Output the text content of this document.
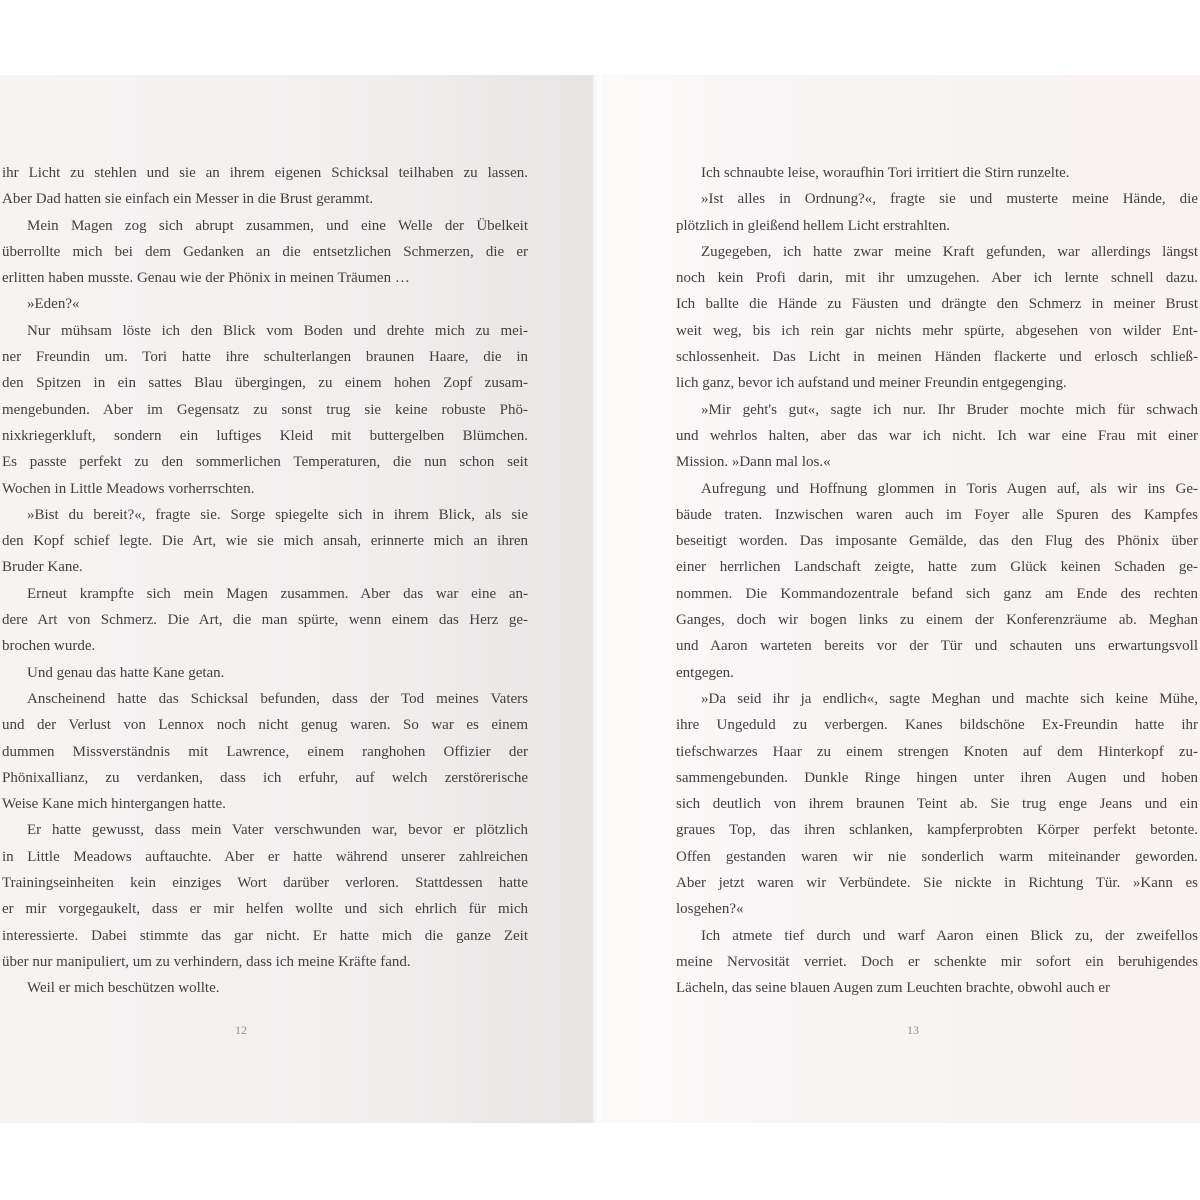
ihr Licht zu stehlen und sie an ihrem eigenen Schicksal teilhaben zu lassen.
Aber Dad hatten sie einfach ein Messer in die Brust gerammt.
Mein Magen zog sich abrupt zusammen, und eine Welle der Übelkeit
überrollte mich bei dem Gedanken an die entsetzlichen Schmerzen, die er
erlitten haben musste. Genau wie der Phönix in meinen Träumen …
»Eden?«
Nur mühsam löste ich den Blick vom Boden und drehte mich zu mei-
ner Freundin um. Tori hatte ihre schulterlangen braunen Haare, die in
den Spitzen in ein sattes Blau übergingen, zu einem hohen Zopf zusam-
mengebunden. Aber im Gegensatz zu sonst trug sie keine robuste Phö-
nixkriegerkluft, sondern ein luftiges Kleid mit buttergelben Blümchen.
Es passte perfekt zu den sommerlichen Temperaturen, die nun schon seit
Wochen in Little Meadows vorherrschten.
»Bist du bereit?«, fragte sie. Sorge spiegelte sich in ihrem Blick, als sie
den Kopf schief legte. Die Art, wie sie mich ansah, erinnerte mich an ihren
Bruder Kane.
Erneut krampfte sich mein Magen zusammen. Aber das war eine an-
dere Art von Schmerz. Die Art, die man spürte, wenn einem das Herz ge-
brochen wurde.
Und genau das hatte Kane getan.
Anscheinend hatte das Schicksal befunden, dass der Tod meines Vaters
und der Verlust von Lennox noch nicht genug waren. So war es einem
dummen Missverständnis mit Lawrence, einem ranghohen Offizier der
Phönixallianz, zu verdanken, dass ich erfuhr, auf welch zerstörerische
Weise Kane mich hintergangen hatte.
Er hatte gewusst, dass mein Vater verschwunden war, bevor er plötzlich
in Little Meadows auftauchte. Aber er hatte während unserer zahlreichen
Trainingseinheiten kein einziges Wort darüber verloren. Stattdessen hatte
er mir vorgegaukelt, dass er mir helfen wollte und sich ehrlich für mich
interessierte. Dabei stimmte das gar nicht. Er hatte mich die ganze Zeit
über nur manipuliert, um zu verhindern, dass ich meine Kräfte fand.
Weil er mich beschützen wollte.
12
Ich schnaubte leise, woraufhin Tori irritiert die Stirn runzelte.
»Ist alles in Ordnung?«, fragte sie und musterte meine Hände, die
plötzlich in gleißend hellem Licht erstrahlten.
Zugegeben, ich hatte zwar meine Kraft gefunden, war allerdings längst
noch kein Profi darin, mit ihr umzugehen. Aber ich lernte schnell dazu.
Ich ballte die Hände zu Fäusten und drängte den Schmerz in meiner Brust
weit weg, bis ich rein gar nichts mehr spürte, abgesehen von wilder Ent-
schlossenheit. Das Licht in meinen Händen flackerte und erlosch schließ-
lich ganz, bevor ich aufstand und meiner Freundin entgegenging.
»Mir geht's gut«, sagte ich nur. Ihr Bruder mochte mich für schwach
und wehrlos halten, aber das war ich nicht. Ich war eine Frau mit einer
Mission. »Dann mal los.«
Aufregung und Hoffnung glommen in Toris Augen auf, als wir ins Ge-
bäude traten. Inzwischen waren auch im Foyer alle Spuren des Kampfes
beseitigt worden. Das imposante Gemälde, das den Flug des Phönix über
einer herrlichen Landschaft zeigte, hatte zum Glück keinen Schaden ge-
nommen. Die Kommandozentrale befand sich ganz am Ende des rechten
Ganges, doch wir bogen links zu einem der Konferenzräume ab. Meghan
und Aaron warteten bereits vor der Tür und schauten uns erwartungsvoll
entgegen.
»Da seid ihr ja endlich«, sagte Meghan und machte sich keine Mühe,
ihre Ungeduld zu verbergen. Kanes bildschöne Ex-Freundin hatte ihr
tiefschwarzes Haar zu einem strengen Knoten auf dem Hinterkopf zu-
sammengebunden. Dunkle Ringe hingen unter ihren Augen und hoben
sich deutlich von ihrem braunen Teint ab. Sie trug enge Jeans und ein
graues Top, das ihren schlanken, kampferprobten Körper perfekt betonte.
Offen gestanden waren wir nie sonderlich warm miteinander geworden.
Aber jetzt waren wir Verbündete. Sie nickte in Richtung Tür. »Kann es
losgehen?«
Ich atmete tief durch und warf Aaron einen Blick zu, der zweifellos
meine Nervosität verriet. Doch er schenkte mir sofort ein beruhigendes
Lächeln, das seine blauen Augen zum Leuchten brachte, obwohl auch er
13
